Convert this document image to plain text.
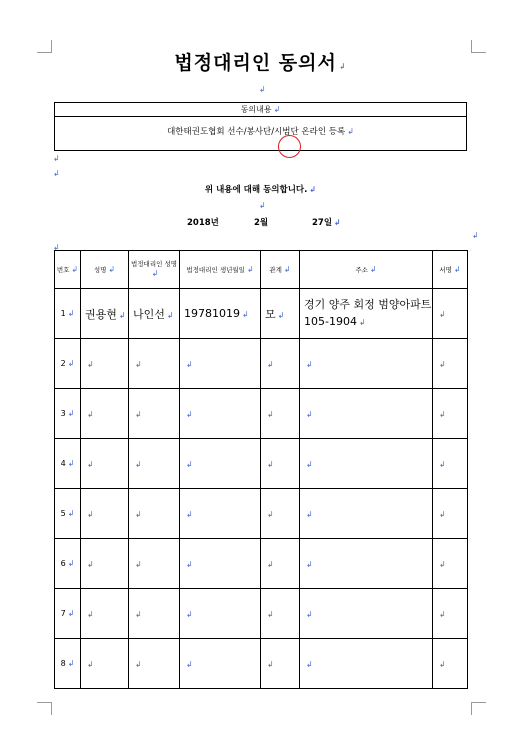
법정대리인 동의서 ↲
↲
동의내용 ↲
대한태권도협회 선수/봉사단/시범단 온라인 등록 ↲
↲
↲
위 내용에 대해 동의합니다. ↲
↲
2018년	2월	27일 ↲
↲
↲
번호 ↲	성명 ↲	법정대리인 성명↲	법정대리인 생년월일 ↲	관계 ↲	주소 ↲	서명 ↲
1 ↲	권용현 ↲	나인선 ↲	19781019 ↲	모 ↲	경기 양주 회정 범양아파트 105-1904 ↲	↲
2 ↲	↲	↲	↲	↲	↲	↲
3 ↲	↲	↲	↲	↲	↲	↲
4 ↲	↲	↲	↲	↲	↲	↲
5 ↲	↲	↲	↲	↲	↲	↲
6 ↲	↲	↲	↲	↲	↲	↲
7 ↲	↲	↲	↲	↲	↲	↲
8 ↲	↲	↲	↲	↲	↲	↲
